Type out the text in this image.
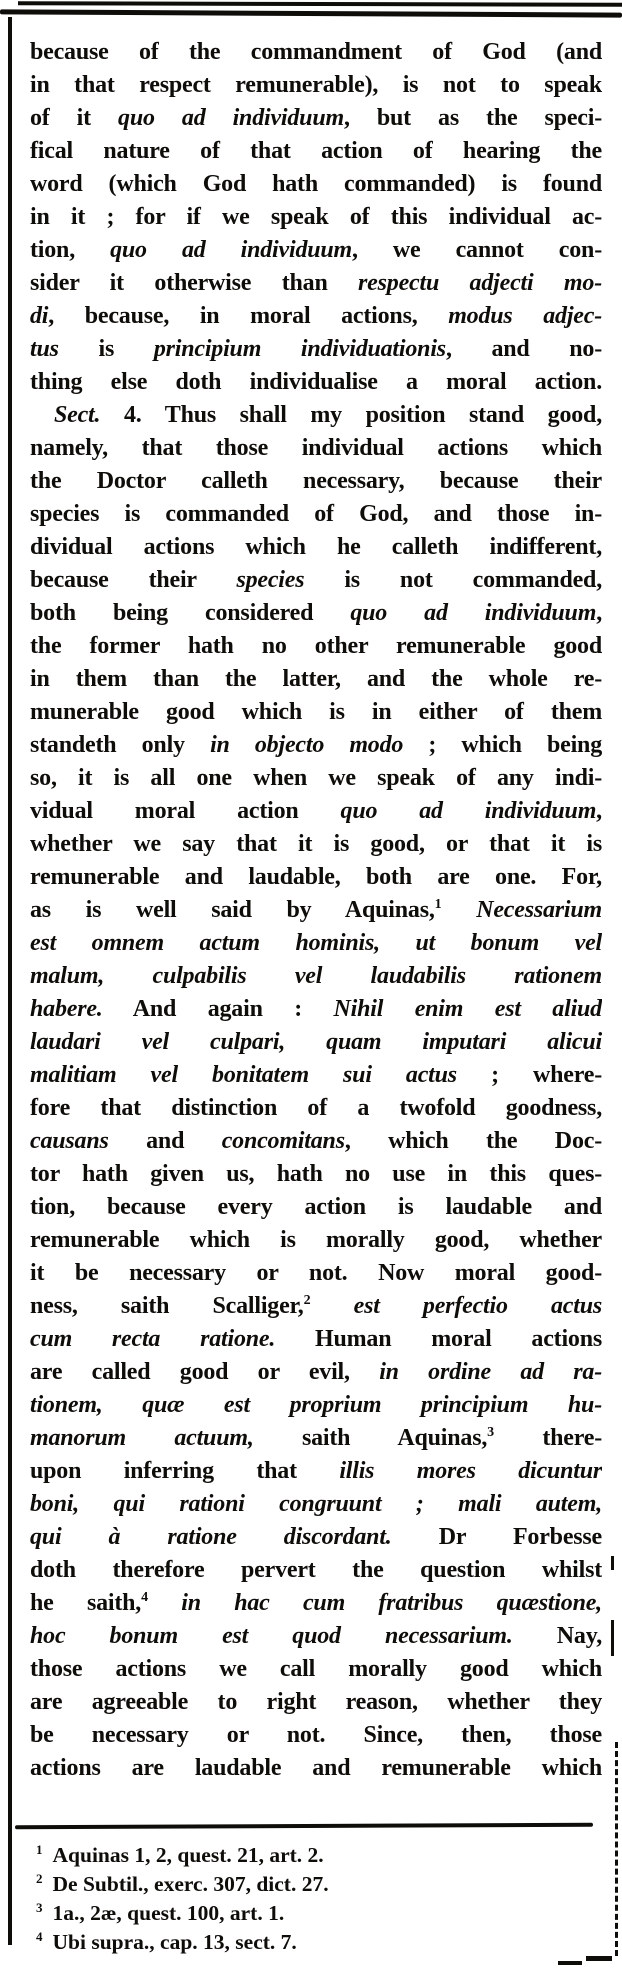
because of the commandment of God (and
in that respect remunerable), is not to speak
of it quo ad individuum, but as the speci-
fical nature of that action of hearing the
word (which God hath commanded) is found
in it ; for if we speak of this individual ac-
tion, quo ad individuum, we cannot con-
sider it otherwise than respectu adjecti mo-
di, because, in moral actions, modus adjec-
tus is principium individuationis, and no-
thing else doth individualise a moral action.
Sect. 4. Thus shall my position stand good,
namely, that those individual actions which
the Doctor calleth necessary, because their
species is commanded of God, and those in-
dividual actions which he calleth indifferent,
because their species is not commanded,
both being considered quo ad individuum,
the former hath no other remunerable good
in them than the latter, and the whole re-
munerable good which is in either of them
standeth only in objecto modo ; which being
so, it is all one when we speak of any indi-
vidual moral action quo ad individuum,
whether we say that it is good, or that it is
remunerable and laudable, both are one. For,
as is well said by Aquinas,$^1$ Necessarium
est omnem actum hominis, ut bonum vel
malum, culpabilis vel laudabilis rationem
habere. And again : Nihil enim est aliud
laudari vel culpari, quam imputari alicui
malitiam vel bonitatem sui actus ; where-
fore that distinction of a twofold goodness,
causans and concomitans, which the Doc-
tor hath given us, hath no use in this ques-
tion, because every action is laudable and
remunerable which is morally good, whether
it be necessary or not. Now moral good-
ness, saith Scalliger,$^2$ est perfectio actus
cum recta ratione. Human moral actions
are called good or evil, in ordine ad ra-
tionem, quæ est proprium principium hu-
manorum actuum, saith Aquinas,$^3$ there-
upon inferring that illis mores dicuntur
boni, qui rationi congruunt ; mali autem,
qui à ratione discordant. Dr Forbesse
doth therefore pervert the question whilst
he saith,$^4$ in hac cum fratribus quæstione,
hoc bonum est quod necessarium. Nay,
those actions we call morally good which
are agreeable to right reason, whether they
be necessary or not. Since, then, those
actions are laudable and remunerable which
$^1$ Aquinas 1, 2, quest. 21, art. 2.
$^2$ De Subtil., exerc. 307, dict. 27.
$^3$ 1a., 2æ, quest. 100, art. 1.
$^4$ Ubi supra., cap. 13, sect. 7.
